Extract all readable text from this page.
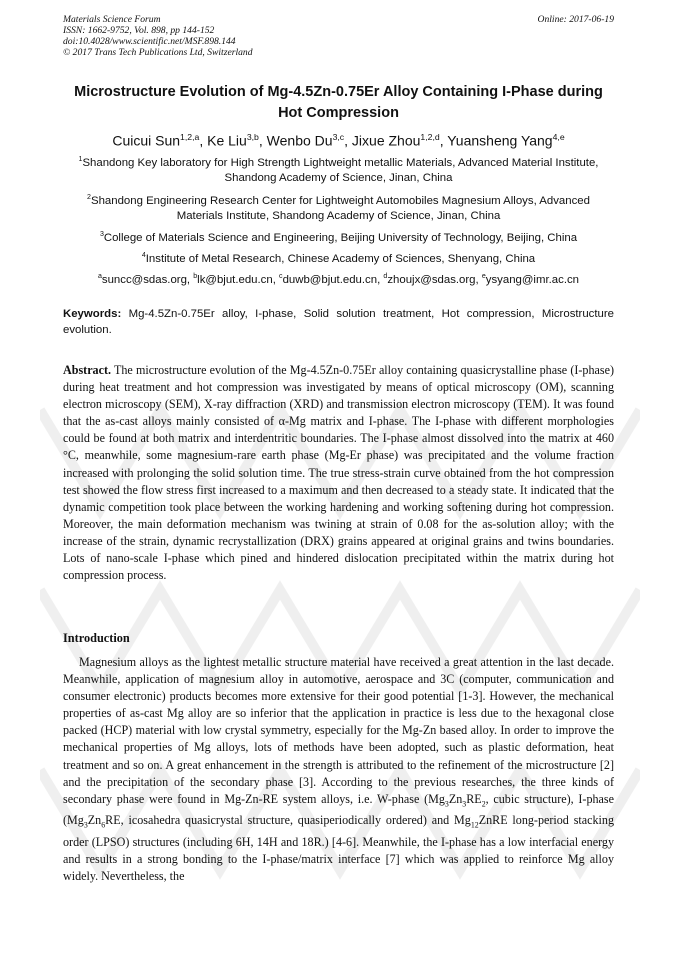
Materials Science Forum
ISSN: 1662-9752, Vol. 898, pp 144-152
doi:10.4028/www.scientific.net/MSF.898.144
© 2017 Trans Tech Publications Ltd, Switzerland
Online: 2017-06-19
Microstructure Evolution of Mg-4.5Zn-0.75Er Alloy Containing I-Phase during Hot Compression
Cuicui Sun$^{1,2,a}$, Ke Liu$^{3,b}$, Wenbo Du$^{3,c}$, Jixue Zhou$^{1,2,d}$, Yuansheng Yang$^{4,e}$
$^1$Shandong Key laboratory for High Strength Lightweight metallic Materials, Advanced Material Institute, Shandong Academy of Science, Jinan, China
$^2$Shandong Engineering Research Center for Lightweight Automobiles Magnesium Alloys, Advanced Materials Institute, Shandong Academy of Science, Jinan, China
$^3$College of Materials Science and Engineering, Beijing University of Technology, Beijing, China
$^4$Institute of Metal Research, Chinese Academy of Sciences, Shenyang, China
$^a$suncc@sdas.org, $^b$lk@bjut.edu.cn, $^c$duwb@bjut.edu.cn, $^d$zhoujx@sdas.org, $^e$ysyang@imr.ac.cn
Keywords: Mg-4.5Zn-0.75Er alloy, I-phase, Solid solution treatment, Hot compression, Microstructure evolution.
Abstract. The microstructure evolution of the Mg-4.5Zn-0.75Er alloy containing quasicrystalline phase (I-phase) during heat treatment and hot compression was investigated by means of optical microscopy (OM), scanning electron microscopy (SEM), X-ray diffraction (XRD) and transmission electron microscopy (TEM). It was found that the as-cast alloys mainly consisted of α-Mg matrix and I-phase. The I-phase with different morphologies could be found at both matrix and interdentritic boundaries. The I-phase almost dissolved into the matrix at 460 °C, meanwhile, some magnesium-rare earth phase (Mg-Er phase) was precipitated and the volume fraction increased with prolonging the solid solution time. The true stress-strain curve obtained from the hot compression test showed the flow stress first increased to a maximum and then decreased to a steady state. It indicated that the dynamic competition took place between the working hardening and working softening during hot compression. Moreover, the main deformation mechanism was twining at strain of 0.08 for the as-solution alloy; with the increase of the strain, dynamic recrystallization (DRX) grains appeared at original grains and twins boundaries. Lots of nano-scale I-phase which pined and hindered dislocation precipitated within the matrix during hot compression process.
Introduction
Magnesium alloys as the lightest metallic structure material have received a great attention in the last decade. Meanwhile, application of magnesium alloy in automotive, aerospace and 3C (computer, communication and consumer electronic) products becomes more extensive for their good potential [1-3]. However, the mechanical properties of as-cast Mg alloy are so inferior that the application in practice is less due to the hexagonal close packed (HCP) material with low crystal symmetry, especially for the Mg-Zn based alloy. In order to improve the mechanical properties of Mg alloys, lots of methods have been adopted, such as plastic deformation, heat treatment and so on. A great enhancement in the strength is attributed to the refinement of the microstructure [2] and the precipitation of the secondary phase [3]. According to the previous researches, the three kinds of secondary phase were found in Mg-Zn-RE system alloys, i.e. W-phase ($Mg_3Zn_3RE_2$, cubic structure), I-phase ($Mg_3Zn_6RE$, icosahedra quasicrystal structure, quasiperiodically ordered) and $Mg_{12}ZnRE$ long-period stacking order (LPSO) structures (including 6H, 14H and 18R.) [4-6]. Meanwhile, the I-phase has a low interfacial energy and results in a strong bonding to the I-phase/matrix interface [7] which was applied to reinforce Mg alloy widely. Nevertheless, the
